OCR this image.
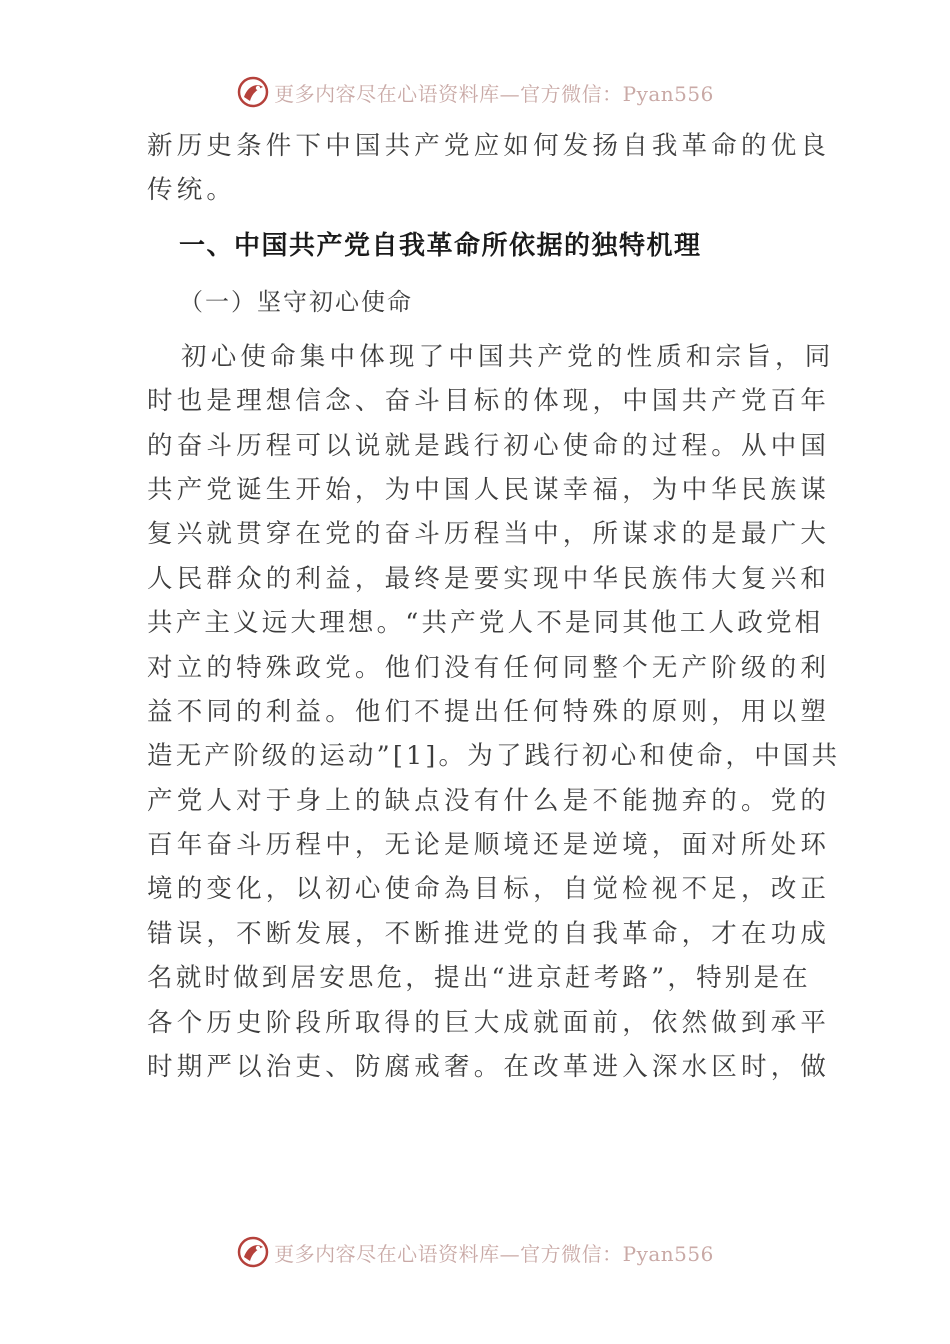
更多内容尽在心语资料库—官方微信：Pyan556
新历史条件下中国共产党应如何发扬自我革命的优良
传统。
一、中国共产党自我革命所依据的独特机理
（一）坚守初心使命
初心使命集中体现了中国共产党的性质和宗旨，同
时也是理想信念、奋斗目标的体现，中国共产党百年
的奋斗历程可以说就是践行初心使命的过程。从中国
共产党诞生开始，为中国人民谋幸福，为中华民族谋
复兴就贯穿在党的奋斗历程当中，所谋求的是最广大
人民群众的利益，最终是要实现中华民族伟大复兴和
共产主义远大理想。“共产党人不是同其他工人政党相
对立的特殊政党。他们没有任何同整个无产阶级的利
益不同的利益。他们不提出任何特殊的原则，用以塑
造无产阶级的运动”[1]。为了践行初心和使命，中国共
产党人对于身上的缺点没有什么是不能抛弃的。党的
百年奋斗历程中，无论是顺境还是逆境，面对所处环
境的变化，以初心使命為目标，自觉检视不足，改正
错误，不断发展，不断推进党的自我革命，才在功成
名就时做到居安思危，提出“进京赶考路”，特别是在
各个历史阶段所取得的巨大成就面前，依然做到承平
时期严以治吏、防腐戒奢。在改革进入深水区时，做
更多内容尽在心语资料库—官方微信：Pyan556
